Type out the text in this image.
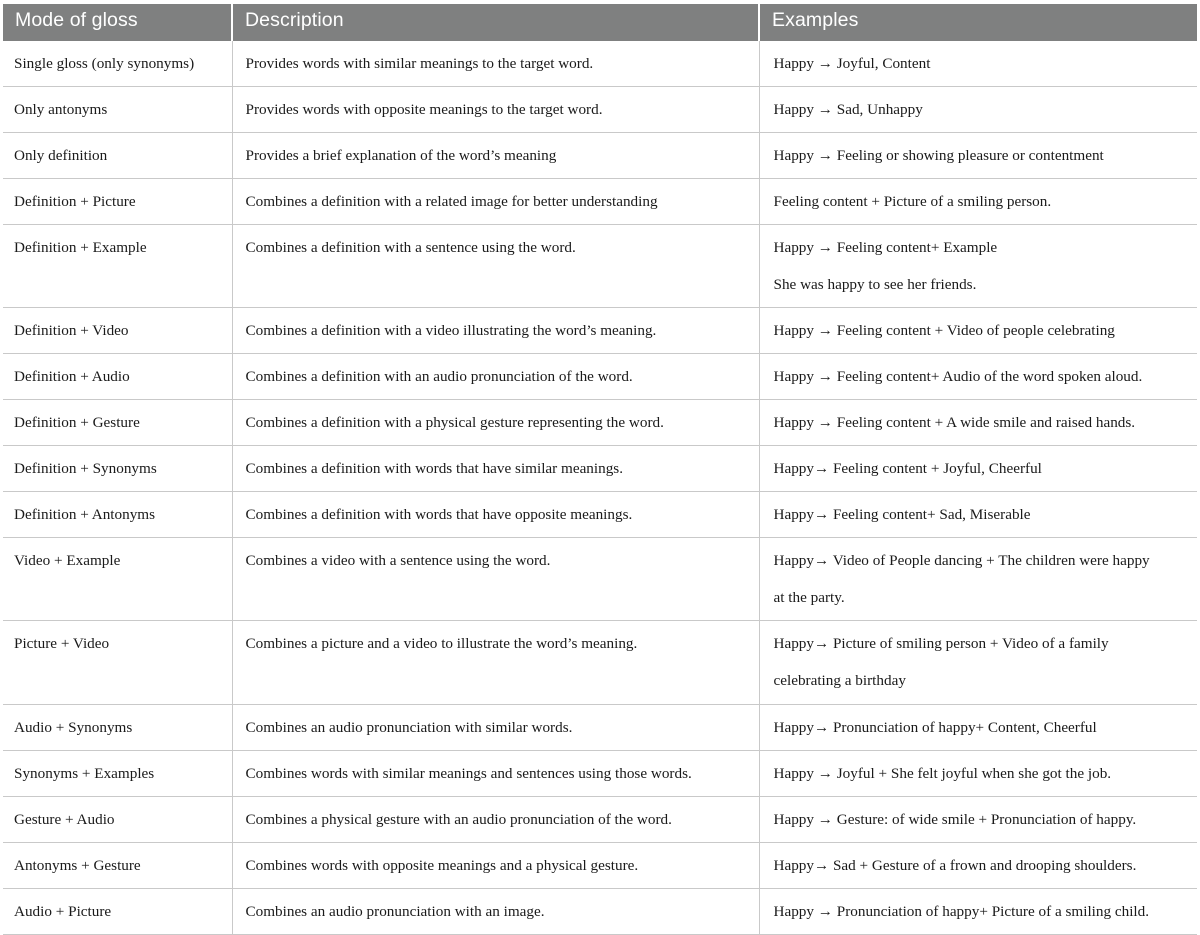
Mode of gloss	Description	Examples
Single gloss (only synonyms)	Provides words with similar meanings to the target word.	Happy → Joyful, Content

Only antonyms	Provides words with opposite meanings to the target word.	Happy → Sad, Unhappy

Only definition	Provides a brief explanation of the word’s meaning	Happy → Feeling or showing pleasure or contentment

Definition + Picture	Combines a definition with a related image for better understanding	Feeling content + Picture of a smiling person.

Definition + Example	Combines a definition with a sentence using the word.	Happy → Feeling content+ Example
She was happy to see her friends.

Definition + Video	Combines a definition with a video illustrating the word’s meaning.	Happy → Feeling content + Video of people celebrating

Definition + Audio	Combines a definition with an audio pronunciation of the word.	Happy → Feeling content+ Audio of the word spoken aloud.

Definition + Gesture	Combines a definition with a physical gesture representing the word.	Happy → Feeling content + A wide smile and raised hands.

Definition + Synonyms	Combines a definition with words that have similar meanings.	Happy→ Feeling content + Joyful, Cheerful

Definition + Antonyms	Combines a definition with words that have opposite meanings.	Happy→ Feeling content+ Sad, Miserable

Video + Example	Combines a video with a sentence using the word.	Happy→ Video of People dancing + The children were happy
at the party.

Picture + Video	Combines a picture and a video to illustrate the word’s meaning.	Happy→ Picture of smiling person + Video of a family
celebrating a birthday

Audio + Synonyms	Combines an audio pronunciation with similar words.	Happy→ Pronunciation of happy+ Content, Cheerful

Synonyms + Examples	Combines words with similar meanings and sentences using those words.	Happy → Joyful + She felt joyful when she got the job.

Gesture + Audio	Combines a physical gesture with an audio pronunciation of the word.	Happy → Gesture: of wide smile + Pronunciation of happy.

Antonyms + Gesture	Combines words with opposite meanings and a physical gesture.	Happy→ Sad + Gesture of a frown and drooping shoulders.

Audio + Picture	Combines an audio pronunciation with an image.	Happy → Pronunciation of happy+ Picture of a smiling child.
